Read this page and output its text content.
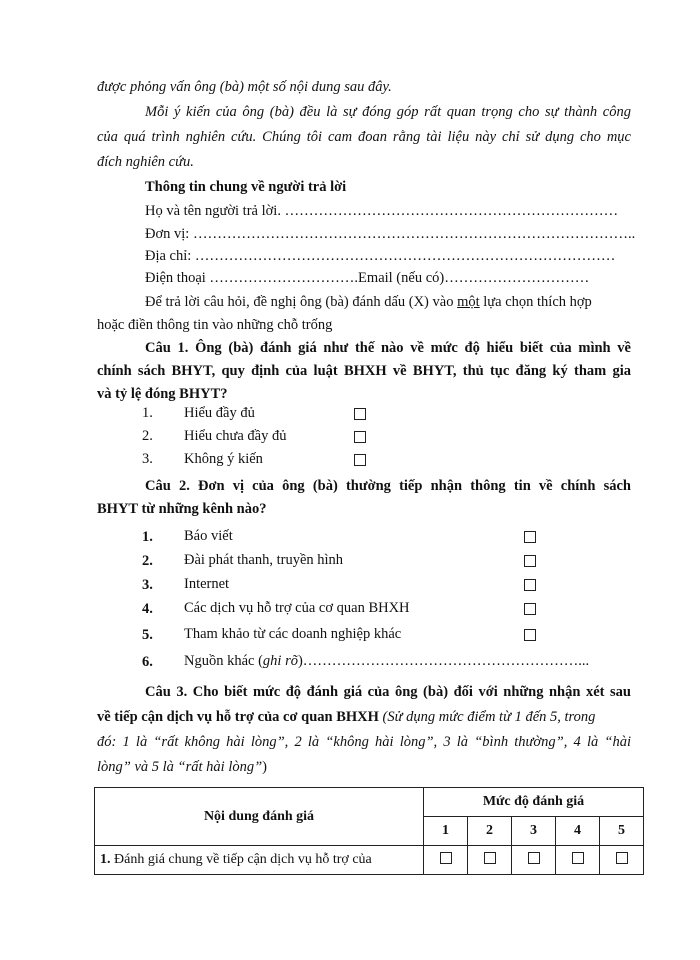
được phỏng vấn ông (bà) một số nội dung sau đây.
Mỗi ý kiến của ông (bà) đều là sự đóng góp rất quan trọng cho sự thành công
của quá trình nghiên cứu. Chúng tôi cam đoan rằng tài liệu này chỉ sử dụng cho mục
đích nghiên cứu.
Thông tin chung về người trả lời
Họ và tên người trả lời. ……………………………………………………………
Đơn vị: ………………………………………………………………………………..
Địa chỉ: ……………………………………………………………………………
Điện thoại ………………………….Email (nếu có)…………………………
Để trả lời câu hỏi, đề nghị ông (bà) đánh dấu (X) vào một lựa chọn thích hợp
hoặc điền thông tin vào những chỗ trống
Câu 1. Ông (bà) đánh giá như thế nào về mức độ hiểu biết của mình về
chính sách BHYT, quy định của luật BHXH về BHYT, thủ tục đăng ký tham gia
và tỷ lệ đóng BHYT?
1. Hiểu đầy đủ
2. Hiểu chưa đầy đủ
3. Không ý kiến
Câu 2. Đơn vị của ông (bà) thường tiếp nhận thông tin về chính sách
BHYT từ những kênh nào?
1. Báo viết
2. Đài phát thanh, truyền hình
3. Internet
4. Các dịch vụ hỗ trợ của cơ quan BHXH
5. Tham khảo từ các doanh nghiệp khác
6. Nguồn khác (ghi rõ)…………………………………………………...
Câu 3. Cho biết mức độ đánh giá của ông (bà) đối với những nhận xét sau
về tiếp cận dịch vụ hỗ trợ của cơ quan BHXH (Sử dụng mức điểm từ 1 đến 5, trong
đó: 1 là “rất không hài lòng”, 2 là “không hài lòng”, 3 là “bình thường”, 4 là “hài
lòng” và 5 là “rất hài lòng”)
Nội dung đánh giá	Mức độ đánh giá				
	1	2	3	4	5
1. Đánh giá chung về tiếp cận dịch vụ hỗ trợ của					
